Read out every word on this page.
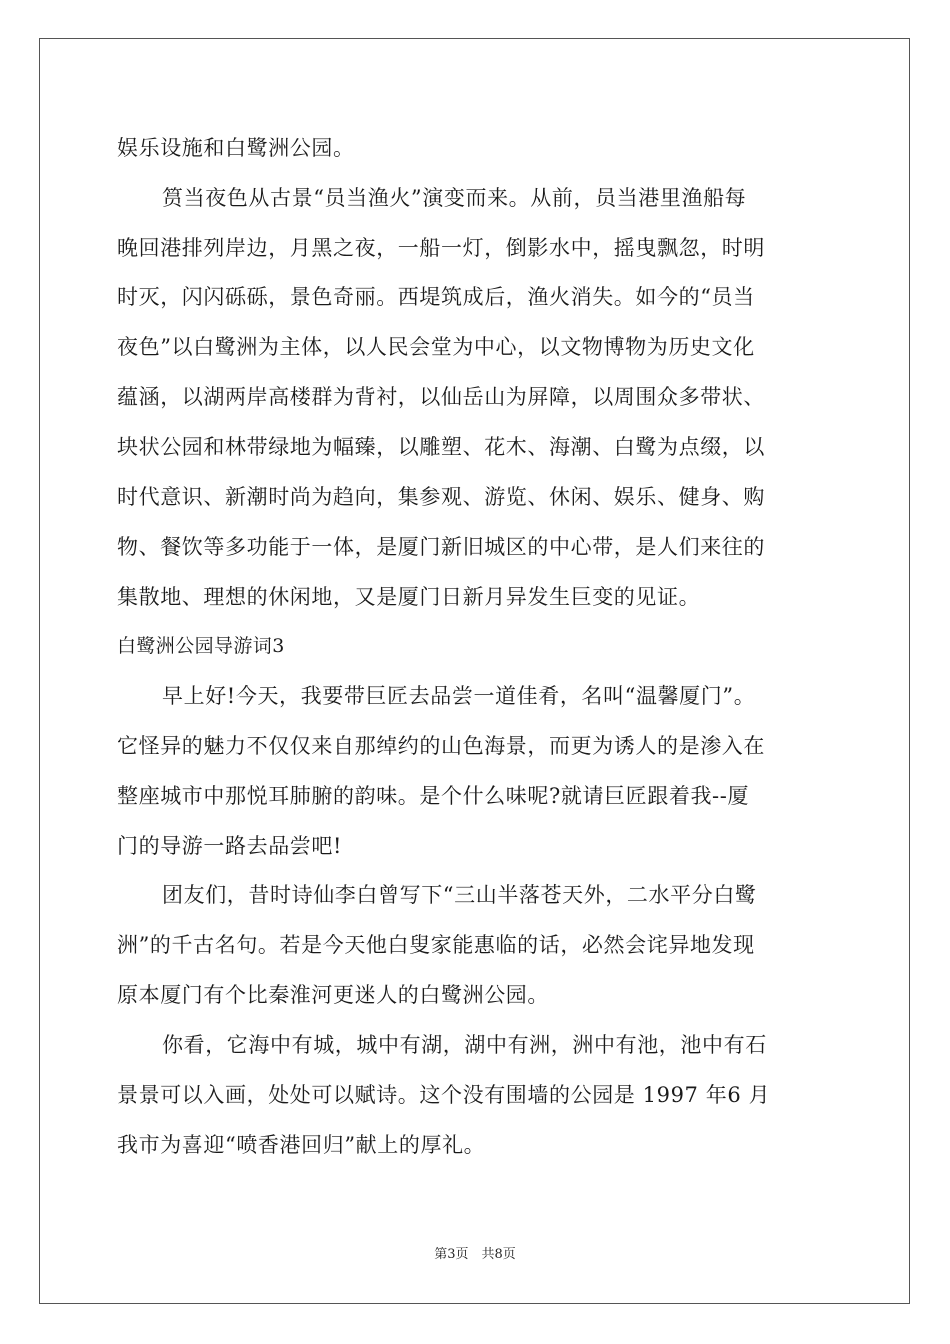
娱乐设施和白鹭洲公园。
筼当夜色从古景“员当渔火”演变而来。从前，员当港里渔船每
晚回港排列岸边，月黑之夜，一船一灯，倒影水中，摇曳飘忽，时明
时灭，闪闪砾砾，景色奇丽。西堤筑成后，渔火消失。如今的“员当
夜色”以白鹭洲为主体，以人民会堂为中心，以文物博物为历史文化
蕴涵，以湖两岸高楼群为背衬，以仙岳山为屏障，以周围众多带状、
块状公园和林带绿地为幅臻，以雕塑、花木、海潮、白鹭为点缀，以
时代意识、新潮时尚为趋向，集参观、游览、休闲、娱乐、健身、购
物、餐饮等多功能于一体，是厦门新旧城区的中心带，是人们来往的
集散地、理想的休闲地，又是厦门日新月异发生巨变的见证。
白鹭洲公园导游词3
早上好!今天，我要带巨匠去品尝一道佳肴，名叫“温馨厦门”。
它怪异的魅力不仅仅来自那绰约的山色海景，而更为诱人的是渗入在
整座城市中那悦耳肺腑的韵味。是个什么味呢?就请巨匠跟着我--厦
门的导游一路去品尝吧!
团友们，昔时诗仙李白曾写下“三山半落苍天外，二水平分白鹭
洲”的千古名句。若是今天他白叟家能惠临的话，必然会诧异地发现
原本厦门有个比秦淮河更迷人的白鹭洲公园。
你看，它海中有城，城中有湖，湖中有洲，洲中有池，池中有石
景景可以入画，处处可以赋诗。这个没有围墙的公园是 1997 年6 月
我市为喜迎“喷香港回归”献上的厚礼。
第3页　共8页
